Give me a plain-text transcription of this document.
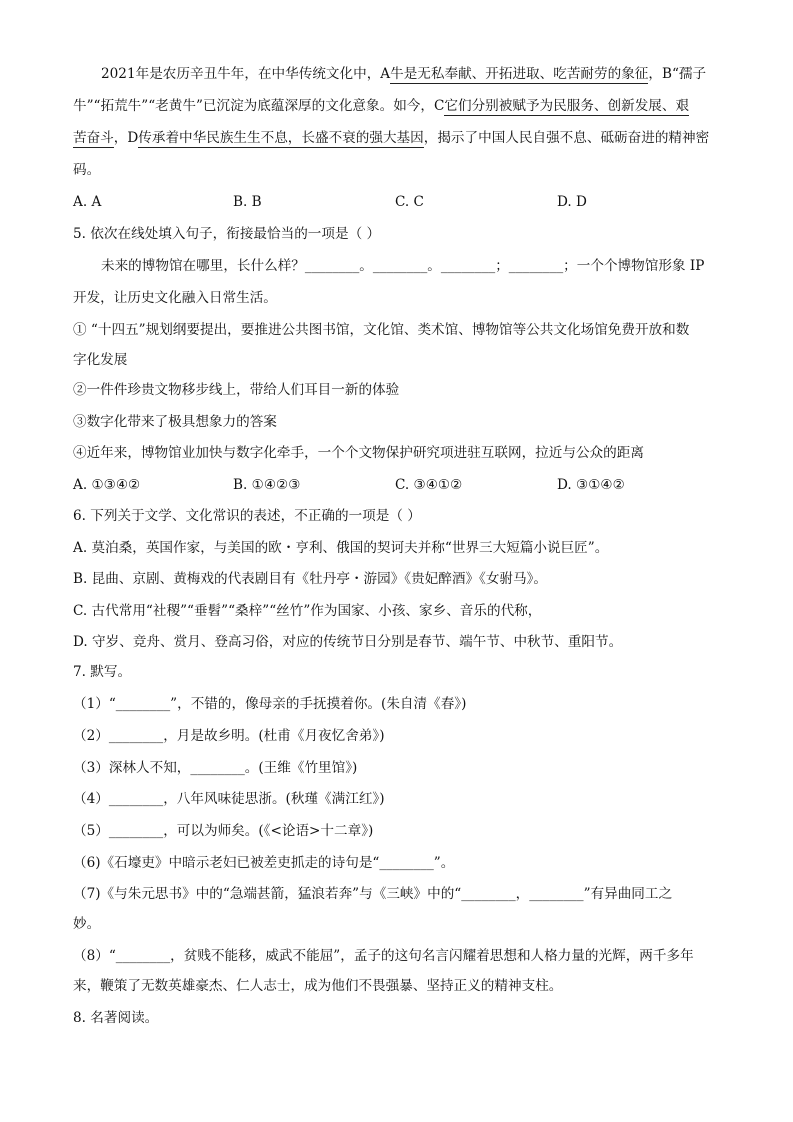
2021年是农历辛丑牛年，在中华传统文化中，A牛是无私奉献、开拓进取、吃苦耐劳的象征，B“孺子
牛”“拓荒牛”“老黄牛”已沉淀为底蕴深厚的文化意象。如今，C它们分别被赋予为民服务、创新发展、艰
苦奋斗，D传承着中华民族生生不息，长盛不衰的强大基因，揭示了中国人民自强不息、砥砺奋进的精神密
码。
A. A	B. B	C. C	D. D
5. 依次在线处填入句子，衔接最恰当的一项是（ ）
未来的博物馆在哪里，长什么样？________。________。________；________；一个个博物馆形象 IP
开发，让历史文化融入日常生活。
① “十四五”规划纲要提出，要推进公共图书馆，文化馆、类术馆、博物馆等公共文化场馆免费开放和数
字化发展
②一件件珍贵文物移步线上，带给人们耳目一新的体验
③数字化带来了极具想象力的答案
④近年来，博物馆业加快与数字化牵手，一个个文物保护研究项进驻互联网，拉近与公众的距离
A. ①③④②	B. ①④②③	C. ③④①②	D. ③①④②
6. 下列关于文学、文化常识的表述，不正确的一项是（ ）
A. 莫泊桑，英国作家，与美国的欧・亨利、俄国的契诃夫并称“世界三大短篇小说巨匠”。
B. 昆曲、京剧、黄梅戏的代表剧目有《牡丹亭・游园》《贵妃醉酒》《女驸马》。
C. 古代常用“社稷”“垂髫”“桑梓”“丝竹”作为国家、小孩、家乡、音乐的代称，
D. 守岁、竞舟、赏月、登高习俗，对应的传统节日分别是春节、端午节、中秋节、重阳节。
7. 默写。
（1）“________”，不错的，像母亲的手抚摸着你。(朱自清《春》)
（2）________，月是故乡明。(杜甫《月夜忆舍弟》)
（3）深林人不知，________。(王维《竹里馆》)
（4）________，八年风味徒思浙。(秋瑾《满江红》)
（5）________，可以为师矣。(《<论语>十二章》)
（6)《石壕吏》中暗示老妇已被差吏抓走的诗句是“________”。
（7)《与朱元思书》中的“急端甚箭，猛浪若奔”与《三峡》中的“________，________”有异曲同工之
妙。
（8）“________，贫贱不能移，威武不能屈”，孟子的这句名言闪耀着思想和人格力量的光辉，两千多年
来，鞭策了无数英雄豪杰、仁人志士，成为他们不畏强暴、坚持正义的精神支柱。
8. 名著阅读。
